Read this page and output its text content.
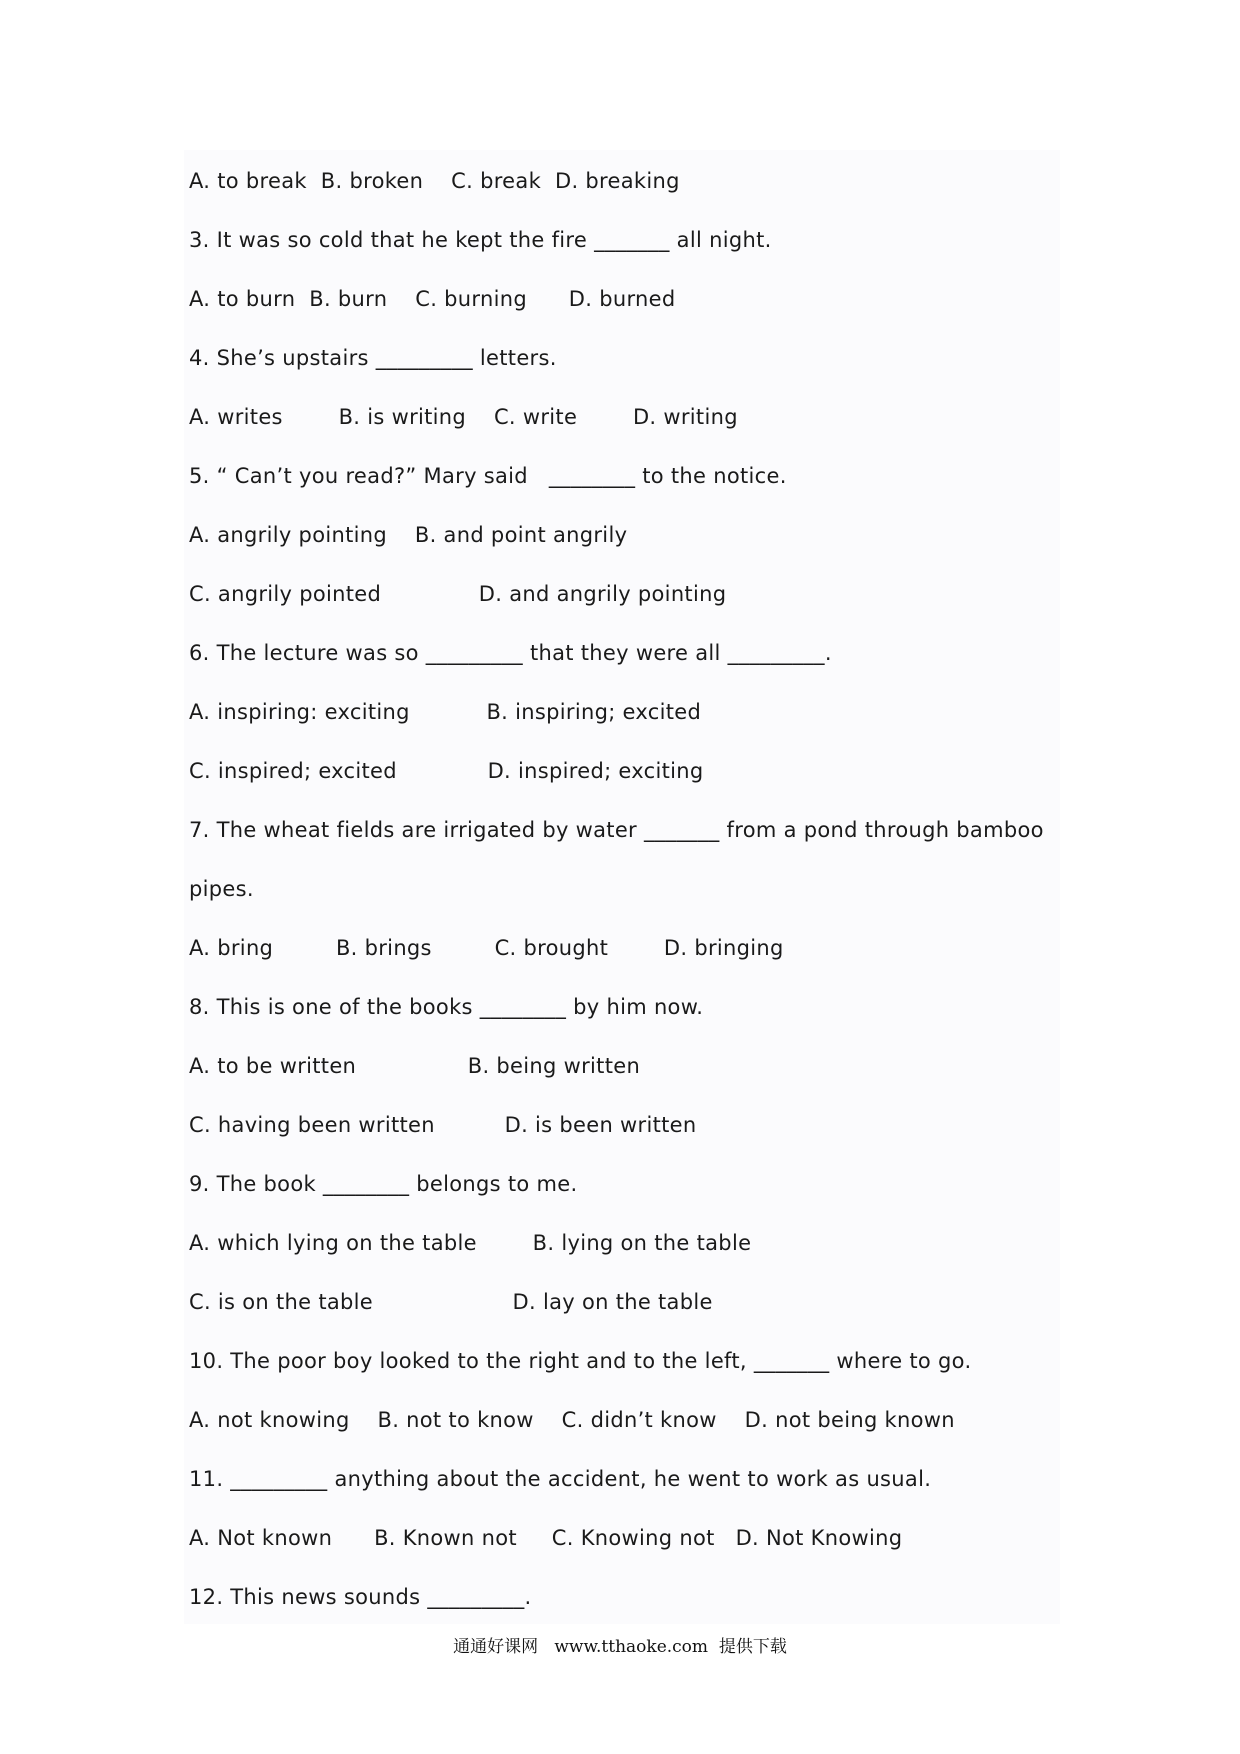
A. to break  B. broken    C. break  D. breaking
3. It was so cold that he kept the fire _______ all night.
A. to burn  B. burn    C. burning      D. burned
4. She’s upstairs _________ letters.
A. writes        B. is writing    C. write        D. writing
5. “ Can’t you read?” Mary said   ________ to the notice.
A. angrily pointing    B. and point angrily
C. angrily pointed              D. and angrily pointing
6. The lecture was so _________ that they were all _________.
A. inspiring: exciting           B. inspiring; excited
C. inspired; excited             D. inspired; exciting
7. The wheat fields are irrigated by water _______ from a pond through bamboo
pipes.
A. bring         B. brings         C. brought        D. bringing
8. This is one of the books ________ by him now.
A. to be written                B. being written
C. having been written          D. is been written
9. The book ________ belongs to me.
A. which lying on the table        B. lying on the table
C. is on the table                    D. lay on the table
10. The poor boy looked to the right and to the left, _______ where to go.
A. not knowing    B. not to know    C. didn’t know    D. not being known
11. _________ anything about the accident, he went to work as usual.
A. Not known      B. Known not     C. Knowing not   D. Not Knowing
12. This news sounds _________.
通通好课网   www.tthaoke.com  提供下载
